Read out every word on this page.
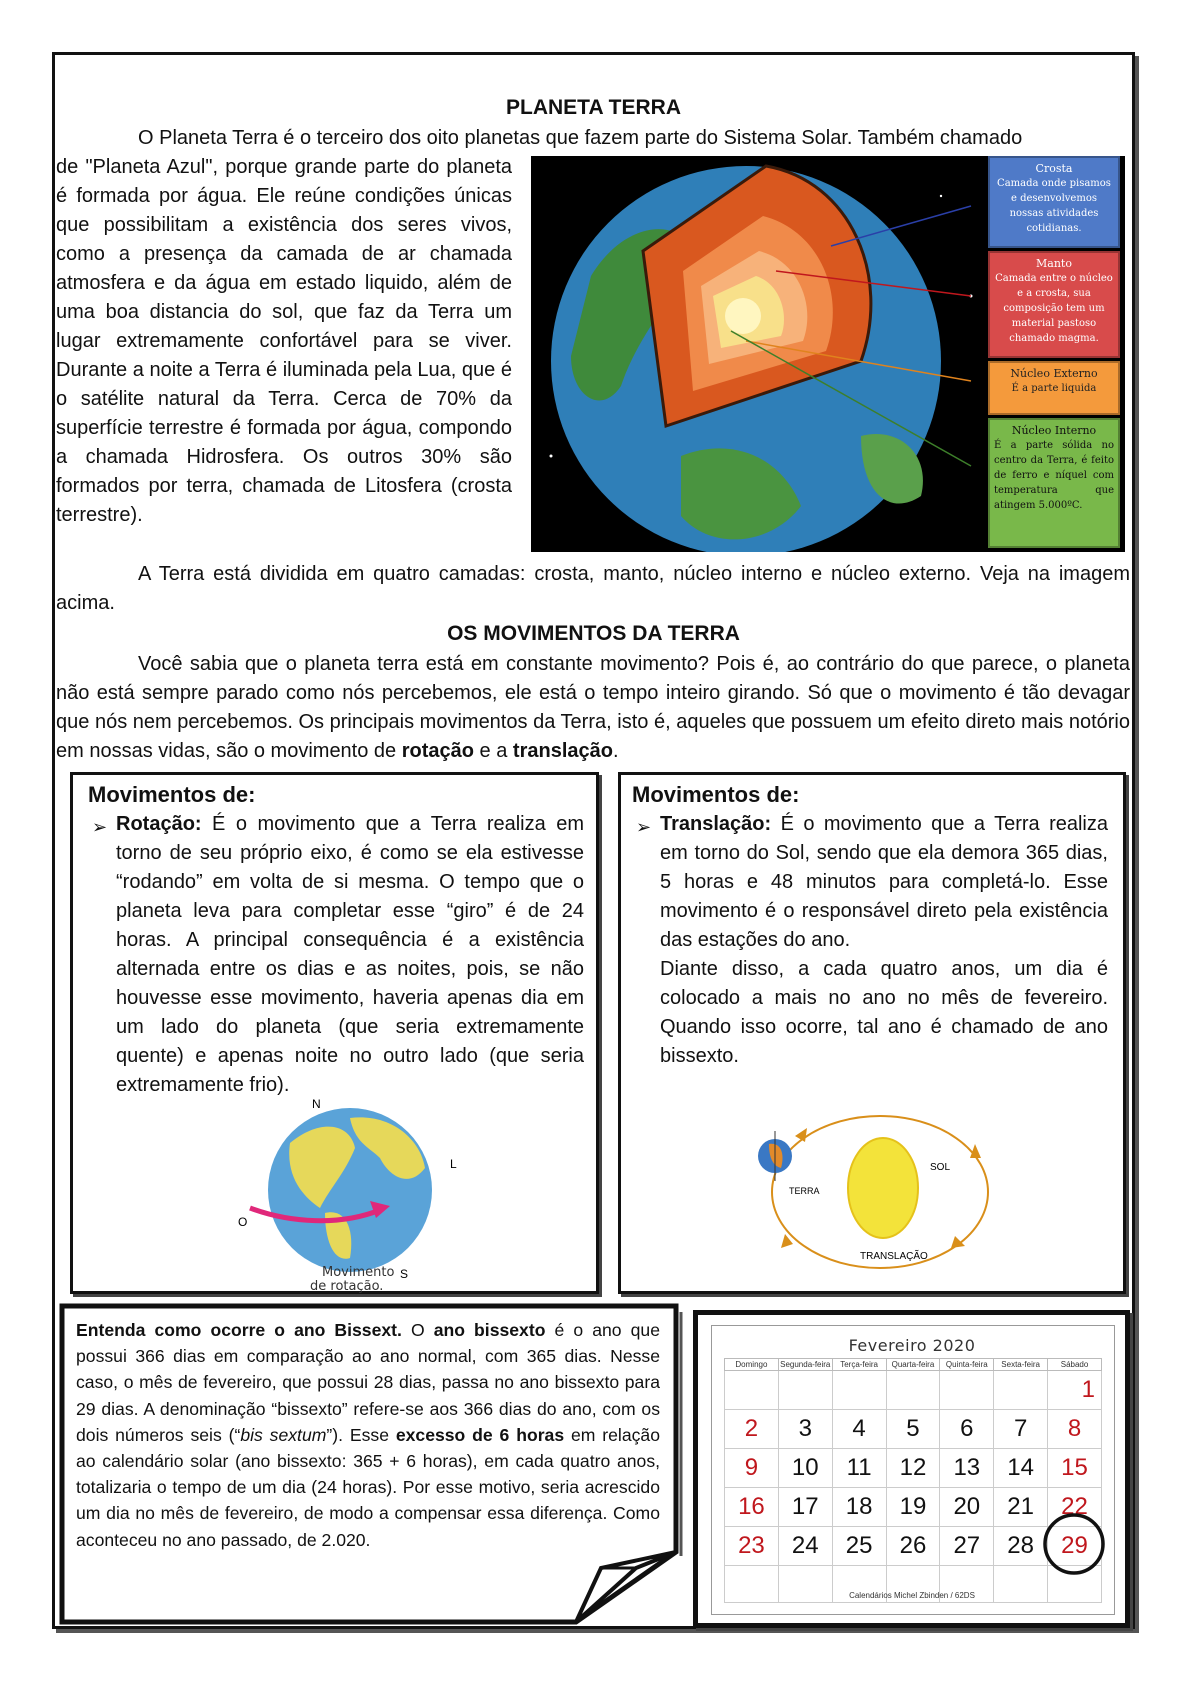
PLANETA TERRA

O Planeta Terra é o terceiro dos oito planetas que fazem parte do Sistema Solar. Também chamado

de "Planeta Azul", porque grande parte do planeta é formada por água. Ele reúne condições únicas que possibilitam a existência dos seres vivos, como a presença da camada de ar chamada atmosfera e da água em estado liquido, além de uma boa distancia do sol, que faz da Terra um lugar extremamente confortável para se viver. Durante a noite a Terra é iluminada pela Lua, que é o satélite natural da Terra. Cerca de 70% da superfície terrestre é formada por água, compondo a chamada Hidrosfera. Os outros 30% são formados por terra, chamada de Litosfera (crosta terrestre).

Crosta
Camada onde pisamos e desenvolvemos nossas atividades cotidianas.
Manto
Camada entre o núcleo e a crosta, sua composição tem um material pastoso chamado magma.
Núcleo Externo
É a parte liquida
Núcleo Interno
É a parte sólida no centro da Terra, é feito de ferro e níquel com temperatura que atingem 5.000ºC.

A Terra está dividida em quatro camadas: crosta, manto, núcleo interno e núcleo externo. Veja na imagem acima.

OS MOVIMENTOS DA TERRA

Você sabia que o planeta terra está em constante movimento? Pois é, ao contrário do que parece, o planeta não está sempre parado como nós percebemos, ele está o tempo inteiro girando. Só que o movimento é tão devagar que nós nem percebemos. Os principais movimentos da Terra, isto é, aqueles que possuem um efeito direto mais notório em nossas vidas, são o movimento de rotação e a translação.

Movimentos de:
➢ Rotação: É o movimento que a Terra realiza em torno de seu próprio eixo, é como se ela estivesse “rodando” em volta de si mesma. O tempo que o planeta leva para completar esse “giro” é de 24 horas. A principal consequência é a existência alternada entre os dias e as noites, pois, se não houvesse esse movimento, haveria apenas dia em um lado do planeta (que seria extremamente quente) e apenas noite no outro lado (que seria extremamente frio).

N
L
O
S
Movimento
de rotação.
Movimentos de:
➢ Translação: É o movimento que a Terra realiza em torno do Sol, sendo que ela demora 365 dias, 5 horas e 48 minutos para completá-lo. Esse movimento é o responsável direto pela existência das estações do ano.
Diante disso, a cada quatro anos, um dia é colocado a mais no ano no mês de fevereiro. Quando isso ocorre, tal ano é chamado de ano bissexto.

SOL
TERRA
TRANSLAÇÃO

Entenda como ocorre o ano Bissext. O ano bissexto é o ano que possui 366 dias em comparação ao ano normal, com 365 dias. Nesse caso, o mês de fevereiro, que possui 28 dias, passa no ano bissexto para 29 dias. A denominação “bissexto” refere-se aos 366 dias do ano, com os dois números seis (“bis sextum”). Esse excesso de 6 horas em relação ao calendário solar (ano bissexto: 365 + 6 horas), em cada quatro anos, totalizaria o tempo de um dia (24 horas). Por esse motivo, seria acrescido um dia no mês de fevereiro, de modo a compensar essa diferença. Como aconteceu no ano passado, de 2.020.

Fevereiro 2020
Domingo	Segunda-feira	Terça-feira	Quarta-feira	Quinta-feira	Sexta-feira	Sábado
						1
2	3	4	5	6	7	8
9	10	11	12	13	14	15
16	17	18	19	20	21	22
23	24	25	26	27	28	29

Calendários Michel Zbinden / 62DS
